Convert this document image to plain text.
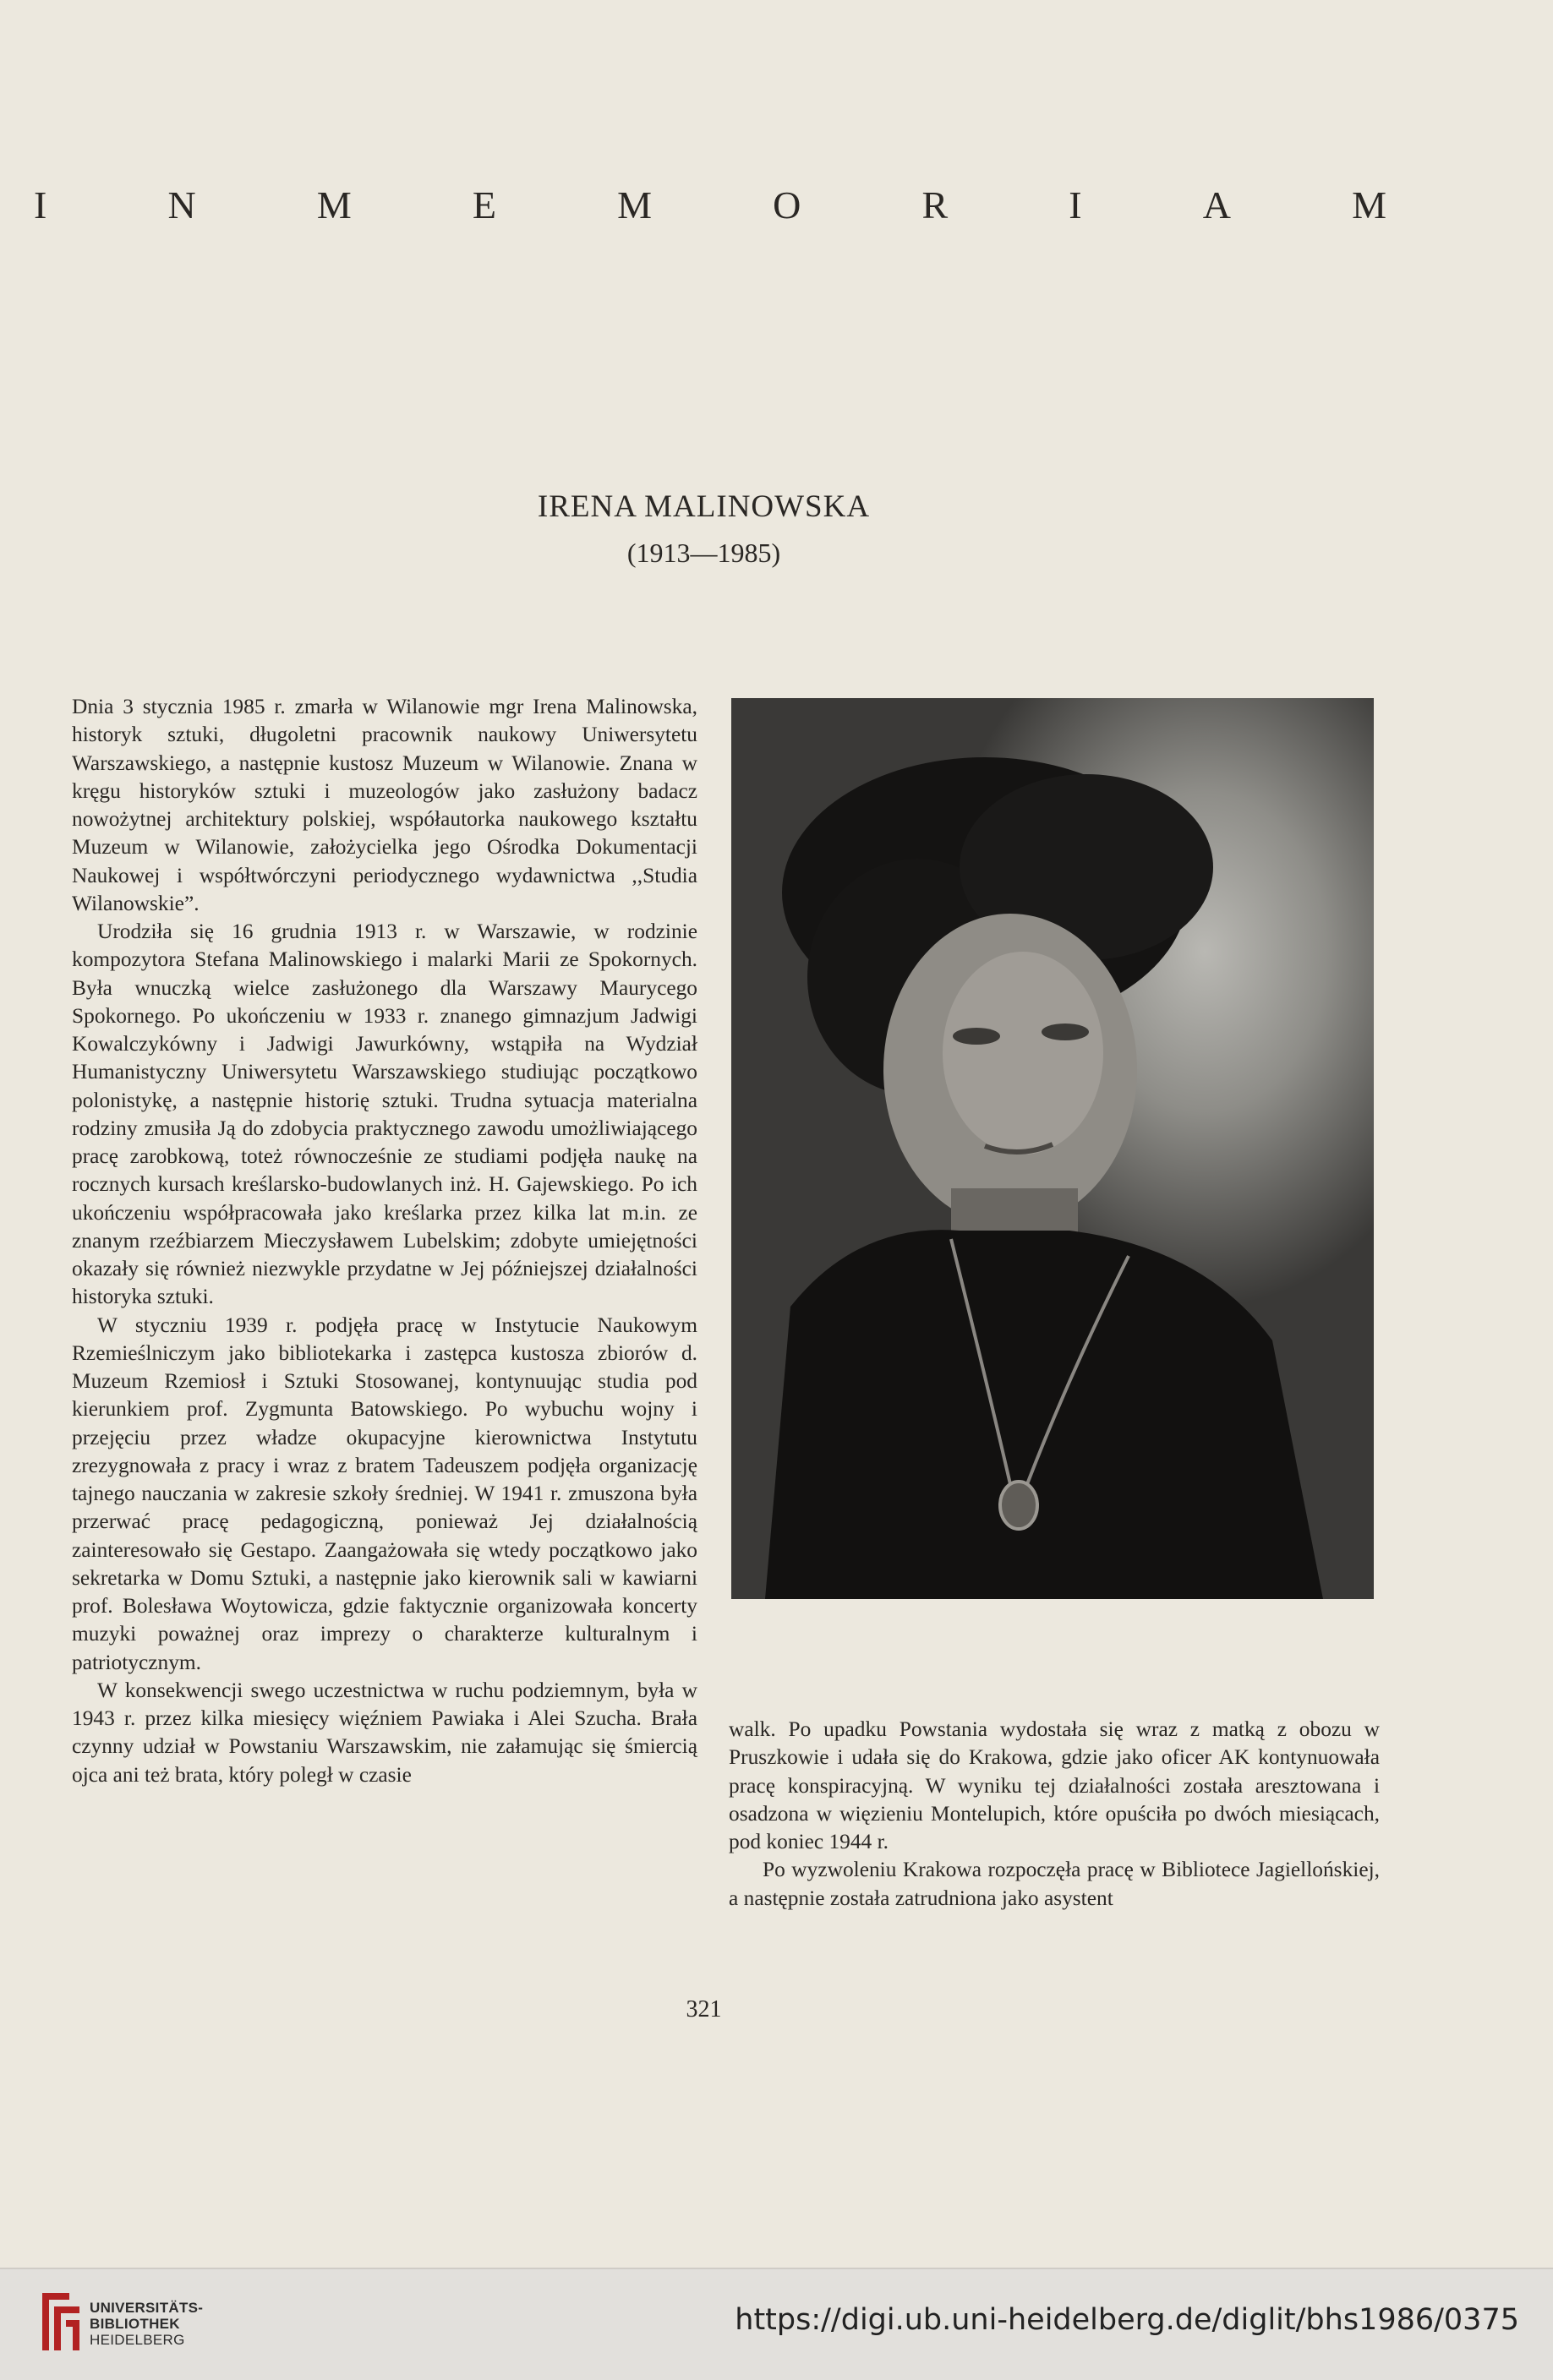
I	N	M	E	M	O	R	I	A	M
IRENA MALINOWSKA
(1913—1985)

Dnia 3 stycznia 1985 r. zmarła w Wilanowie mgr Irena Malinowska, historyk sztuki, długoletni pracownik naukowy Uniwersytetu Warszawskiego, a następnie kustosz Muzeum w Wilanowie. Znana w kręgu historyków sztuki i muzeologów jako zasłużony badacz nowożytnej architektury polskiej, współautorka naukowego kształtu Muzeum w Wilanowie, założycielka jego Ośrodka Dokumentacji Naukowej i współtwórczyni periodycznego wydawnictwa ,,Studia Wilanowskie”.

Urodziła się 16 grudnia 1913 r. w Warszawie, w rodzinie kompozytora Stefana Malinowskiego i malarki Marii ze Spokornych. Była wnuczką wielce zasłużonego dla Warszawy Maurycego Spokornego. Po ukończeniu w 1933 r. znanego gimnazjum Jadwigi Kowalczykówny i Jadwigi Jawurkówny, wstąpiła na Wydział Humanistyczny Uniwersytetu Warszawskiego studiując początkowo polonistykę, a następnie historię sztuki. Trudna sytuacja materialna rodziny zmusiła Ją do zdobycia praktycznego zawodu umożliwiającego pracę zarobkową, toteż równocześnie ze studiami podjęła naukę na rocznych kursach kreślarsko-budowlanych inż. H. Gajewskiego. Po ich ukończeniu współpracowała jako kreślarka przez kilka lat m.in. ze znanym rzeźbiarzem Mieczysławem Lubelskim; zdobyte umiejętności okazały się również niezwykle przydatne w Jej późniejszej działalności historyka sztuki.

W styczniu 1939 r. podjęła pracę w Instytucie Naukowym Rzemieślniczym jako bibliotekarka i zastępca kustosza zbiorów d. Muzeum Rzemiosł i Sztuki Stosowanej, kontynuując studia pod kierunkiem prof. Zygmunta Batowskiego. Po wybuchu wojny i przejęciu przez władze okupacyjne kierownictwa Instytutu zrezygnowała z pracy i wraz z bratem Tadeuszem podjęła organizację tajnego nauczania w zakresie szkoły średniej. W 1941 r. zmuszona była przerwać pracę pedagogiczną, ponieważ Jej działalnością zainteresowało się Gestapo. Zaangażowała się wtedy początkowo jako sekretarka w Domu Sztuki, a następnie jako kierownik sali w kawiarni prof. Bolesława Woytowicza, gdzie faktycznie organizowała koncerty muzyki poważnej oraz imprezy o charakterze kulturalnym i patriotycznym.

W konsekwencji swego uczestnictwa w ruchu podziemnym, była w 1943 r. przez kilka miesięcy więźniem Pawiaka i Alei Szucha. Brała czynny udział w Powstaniu Warszawskim, nie załamując się śmiercią ojca ani też brata, który poległ w czasie

walk. Po upadku Powstania wydostała się wraz z matką z obozu w Pruszkowie i udała się do Krakowa, gdzie jako oficer AK kontynuowała pracę konspiracyjną. W wyniku tej działalności została aresztowana i osadzona w więzieniu Montelupich, które opuściła po dwóch miesiącach, pod koniec 1944 r.

Po wyzwoleniu Krakowa rozpoczęła pracę w Bibliotece Jagiellońskiej, a następnie została zatrudniona jako asystent

321
UNIVERSITÄTS-
BIBLIOTHEK
HEIDELBERG
https://digi.ub.uni-heidelberg.de/diglit/bhs1986/0375
